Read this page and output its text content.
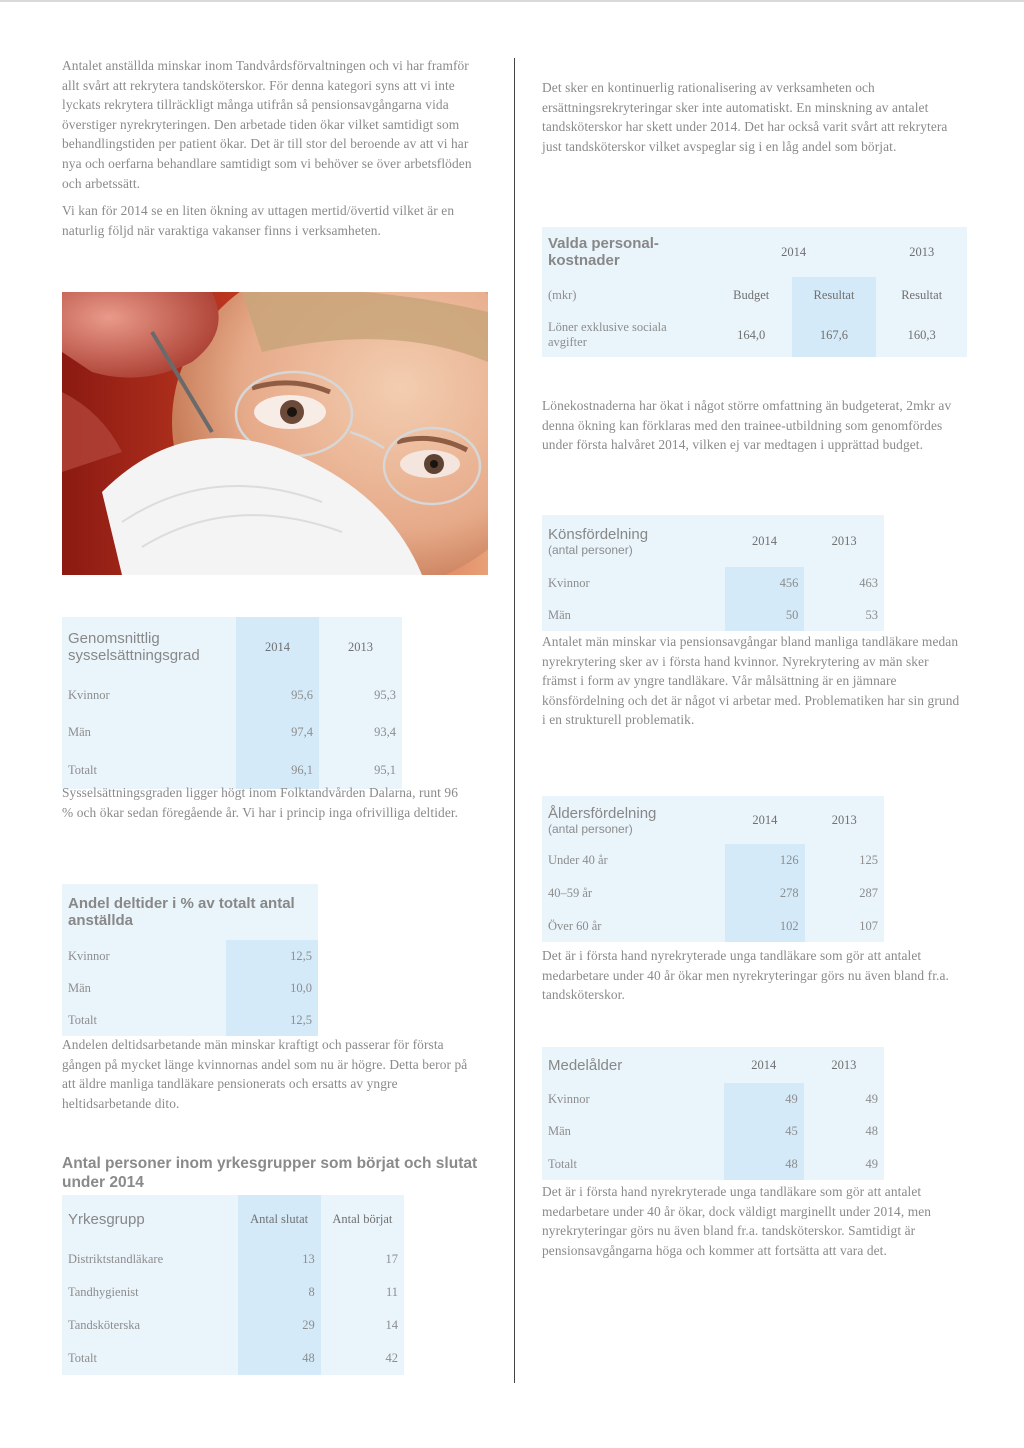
Antalet anställda minskar inom Tandvårdsförvaltningen och vi har framför allt svårt att rekrytera tandsköterskor. För denna kategori syns att vi inte lyckats rekrytera tillräckligt många utifrån så pensionsavgångarna vida överstiger nyrekryteringen. Den arbetade tiden ökar vilket samtidigt som behandlingstiden per patient ökar. Det är till stor del beroende av att vi har nya och oerfarna behandlare samtidigt som vi behöver se över arbetsflöden och arbetssätt.

Vi kan för 2014 se en liten ökning av uttagen mertid/övertid vilket är en naturlig följd när varaktiga vakanser finns i verksamheten.

Genomsnittlig sysselsättningsgrad	2014	2013
Kvinnor	95,6	95,3
Män	97,4	93,4
Totalt	96,1	95,1
Sysselsättningsgraden ligger högt inom Folktandvården Dalarna, runt 96 % och ökar sedan föregående år. Vi har i princip inga ofrivilliga deltider.
Andel deltider i % av totalt antal anställda	
Kvinnor	12,5
Män	10,0
Totalt	12,5
Andelen deltidsarbetande män minskar kraftigt och passerar för första gången på mycket länge kvinnornas andel som nu är högre. Detta beror på att äldre manliga tandläkare pensionerats och ersatts av yngre heltidsarbetande dito.
Antal personer inom yrkesgrupper som börjat och slutat under 2014
Yrkesgrupp	Antal slutat	Antal börjat
Distriktstandläkare	13	17
Tandhygienist	8	11
Tandsköterska	29	14
Totalt	48	42
Det sker en kontinuerlig rationalisering av verksamheten och ersättningsrekryteringar sker inte automatiskt. En minskning av antalet tandsköterskor har skett under 2014. Det har också varit svårt att rekrytera just tandsköterskor vilket avspeglar sig i en låg andel som börjat.
Valda personal-kostnader	2014		2013
(mkr)	Budget	Resultat	Resultat
Löner exklusive sociala avgifter	164,0	167,6	160,3
Lönekostnaderna har ökat i något större omfattning än budgeterat, 2mkr av denna ökning kan förklaras med den trainee-utbildning som genomfördes under första halvåret 2014, vilken ej var medtagen i upprättad budget.
Könsfördelning
(antal personer)	2014	2013
Kvinnor	456	463
Män	50	53
Antalet män minskar via pensionsavgångar bland manliga tandläkare medan nyrekrytering sker av i första hand kvinnor. Nyrekrytering av män sker främst i form av yngre tandläkare. Vår målsättning är en jämnare könsfördelning och det är något vi arbetar med. Problematiken har sin grund i en strukturell problematik.
Åldersfördelning
(antal personer)	2014	2013
Under 40 år	126	125
40–59 år	278	287
Över 60 år	102	107
Det är i första hand nyrekryterade unga tandläkare som gör att antalet medarbetare under 40 år ökar men nyrekryteringar görs nu även bland fr.a. tandsköterskor.
Medelålder	2014	2013
Kvinnor	49	49
Män	45	48
Totalt	48	49
Det är i första hand nyrekryterade unga tandläkare som gör att antalet medarbetare under 40 år ökar, dock väldigt marginellt under 2014, men nyrekryteringar görs nu även bland fr.a. tandsköterskor. Samtidigt är pensionsavgångarna höga och kommer att fortsätta att vara det.
